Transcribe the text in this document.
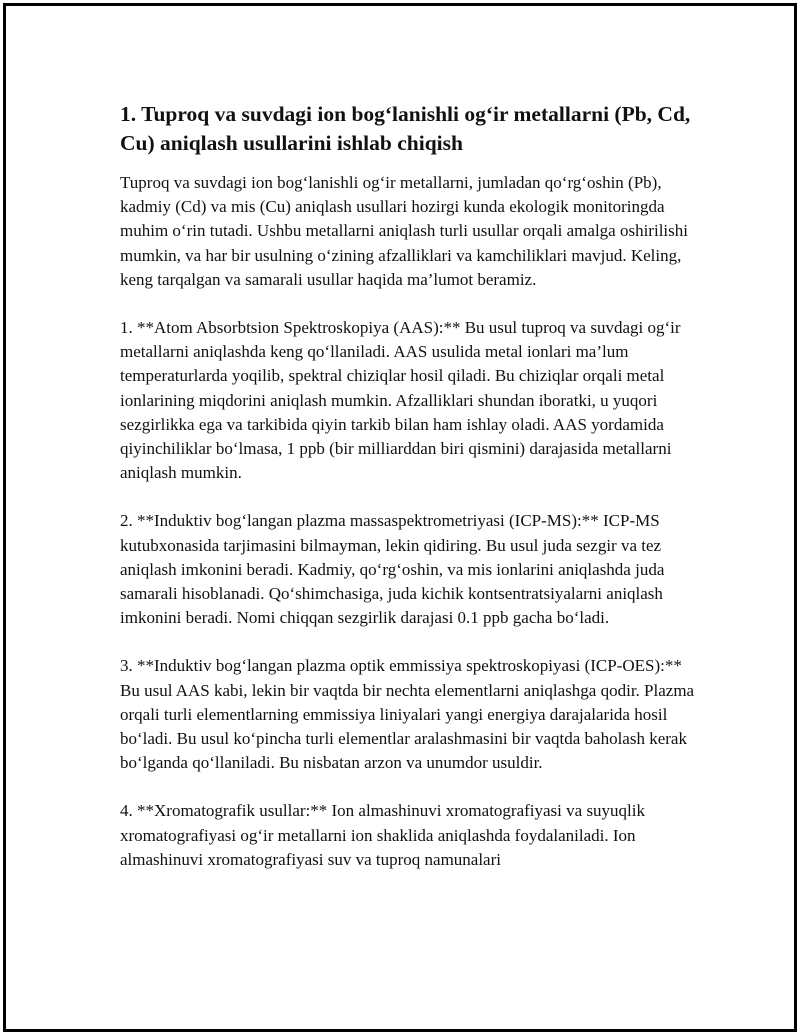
1. Tuproq va suvdagi ion bog‘lanishli og‘ir metallarni (Pb, Cd, Cu) aniqlash usullarini ishlab chiqish

Tuproq va suvdagi ion bog‘lanishli og‘ir metallarni, jumladan qo‘rg‘oshin (Pb), kadmiy (Cd) va mis (Cu) aniqlash usullari hozirgi kunda ekologik monitoringda muhim o‘rin tutadi. Ushbu metallarni aniqlash turli usullar orqali amalga oshirilishi mumkin, va har bir usulning o‘zining afzalliklari va kamchiliklari mavjud. Keling, keng tarqalgan va samarali usullar haqida ma’lumot beramiz.

1. **Atom Absorbtsion Spektroskopiya (AAS):** Bu usul tuproq va suvdagi og‘ir metallarni aniqlashda keng qo‘llaniladi. AAS usulida metal ionlari ma’lum temperaturlarda yoqilib, spektral chiziqlar hosil qiladi. Bu chiziqlar orqali metal ionlarining miqdorini aniqlash mumkin. Afzalliklari shundan iboratki, u yuqori sezgirlikka ega va tarkibida qiyin tarkib bilan ham ishlay oladi. AAS yordamida qiyinchiliklar bo‘lmasa, 1 ppb (bir milliarddan biri qismini) darajasida metallarni aniqlash mumkin.

2. **Induktiv bog‘langan plazma massaspektrometriyasi (ICP-MS):** ICP-MS kutubxonasida tarjimasini bilmayman, lekin qidiring. Bu usul juda sezgir va tez aniqlash imkonini beradi. Kadmiy, qo‘rg‘oshin, va mis ionlarini aniqlashda juda samarali hisoblanadi. Qo‘shimchasiga, juda kichik kontsentratsiyalarni aniqlash imkonini beradi. Nomi chiqqan sezgirlik darajasi 0.1 ppb gacha bo‘ladi.

3. **Induktiv bog‘langan plazma optik emmissiya spektroskopiyasi (ICP-OES):** Bu usul AAS kabi, lekin bir vaqtda bir nechta elementlarni aniqlashga qodir. Plazma orqali turli elementlarning emmissiya liniyalari yangi energiya darajalarida hosil bo‘ladi. Bu usul ko‘pincha turli elementlar aralashmasini bir vaqtda baholash kerak bo‘lganda qo‘llaniladi. Bu nisbatan arzon va unumdor usuldir.

4. **Xromatografik usullar:** Ion almashinuvi xromatografiyasi va suyuqlik xromatografiyasi og‘ir metallarni ion shaklida aniqlashda foydalaniladi. Ion almashinuvi xromatografiyasi suv va tuproq namunalari
